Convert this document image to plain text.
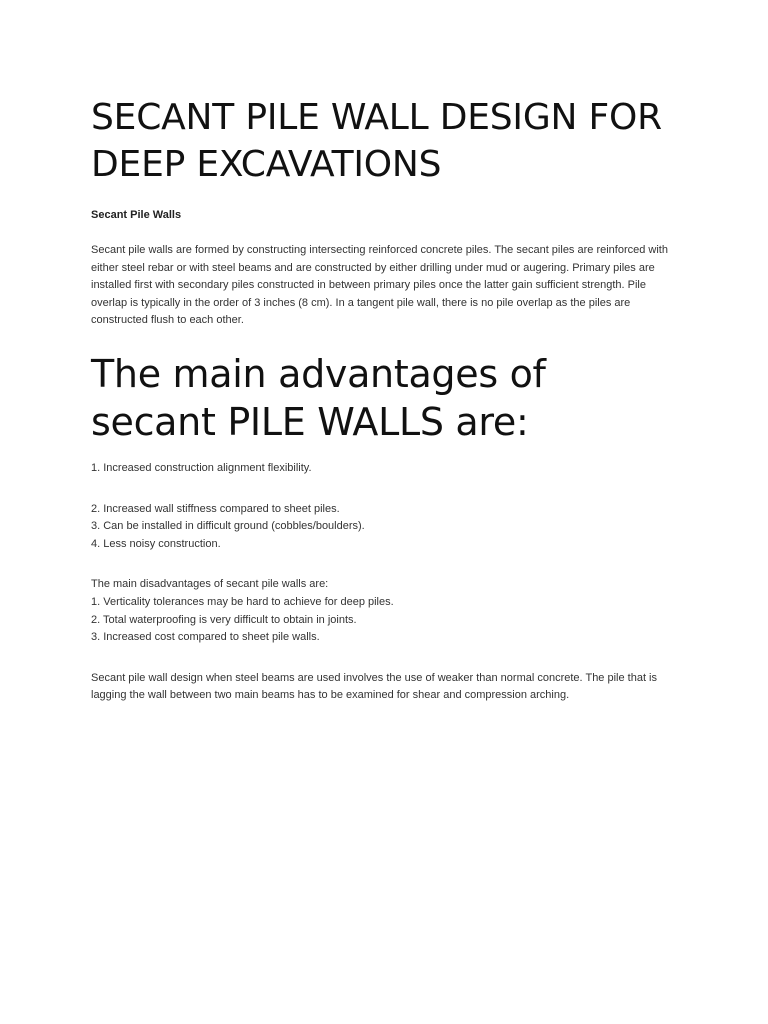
SECANT PILE WALL DESIGN FOR DEEP EXCAVATIONS

Secant Pile Walls

Secant pile walls are formed by constructing intersecting reinforced concrete piles. The secant piles are reinforced with either steel rebar or with steel beams and are constructed by either drilling under mud or augering. Primary piles are installed first with secondary piles constructed in between primary piles once the latter gain sufficient strength. Pile overlap is typically in the order of 3 inches (8 cm). In a tangent pile wall, there is no pile overlap as the piles are constructed flush to each other.

The main advantages of secant PILE WALLS are:
1. Increased construction alignment flexibility.
2. Increased wall stiffness compared to sheet piles.
3. Can be installed in difficult ground (cobbles/boulders).
4. Less noisy construction.
The main disadvantages of secant pile walls are:
1. Verticality tolerances may be hard to achieve for deep piles.
2. Total waterproofing is very difficult to obtain in joints.
3. Increased cost compared to sheet pile walls.

Secant pile wall design when steel beams are used involves the use of weaker than normal concrete. The pile that is lagging the wall between two main beams has to be examined for shear and compression arching.
